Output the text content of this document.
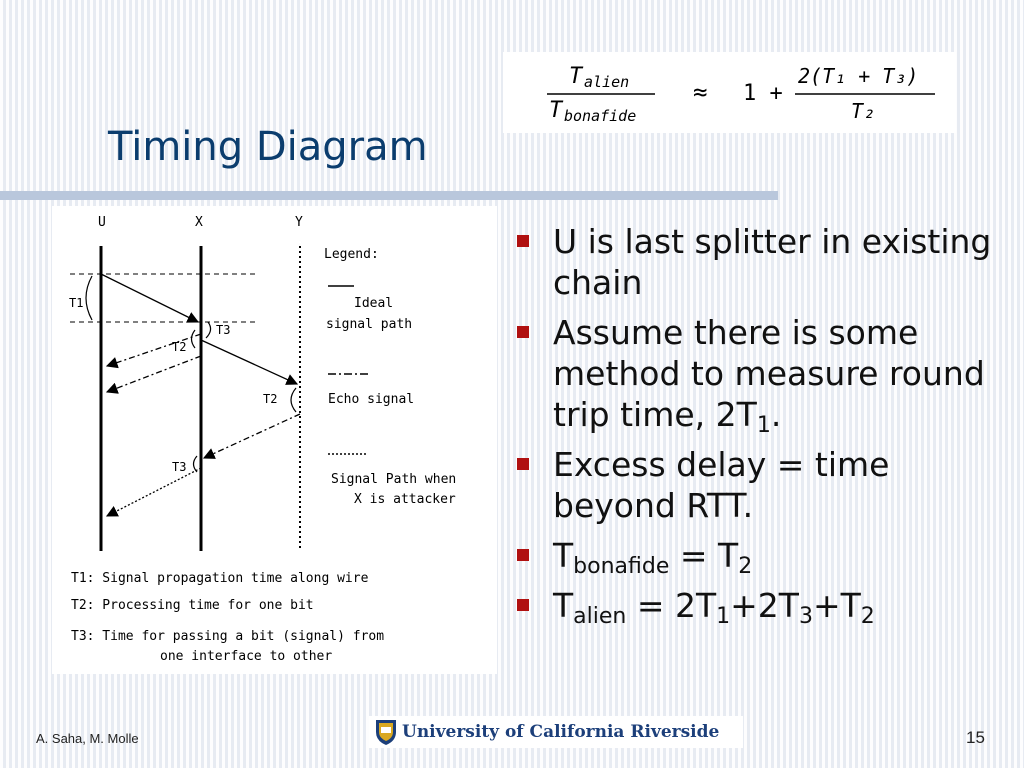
T alien
T bonafide
≈ 1 +
2(T₁ + T₃)
T₂
Timing Diagram
U	X	Y
T1
T3
T2
T2
T3
Legend:
Ideal
signal path
Echo signal
Signal Path when
X is attacker
T1: Signal propagation time along wire
T2: Processing time for one bit
T3: Time for passing a bit (signal) from
one interface to other
U is last splitter in existing chain
Assume there is some method to measure round trip time, $2T_1$.
Excess delay = time beyond RTT.
$T_{bonafide} = T_2$
$T_{alien} = 2T_1+2T_3+T_2$
A. Saha, M. Molle	University of California Riverside	15
